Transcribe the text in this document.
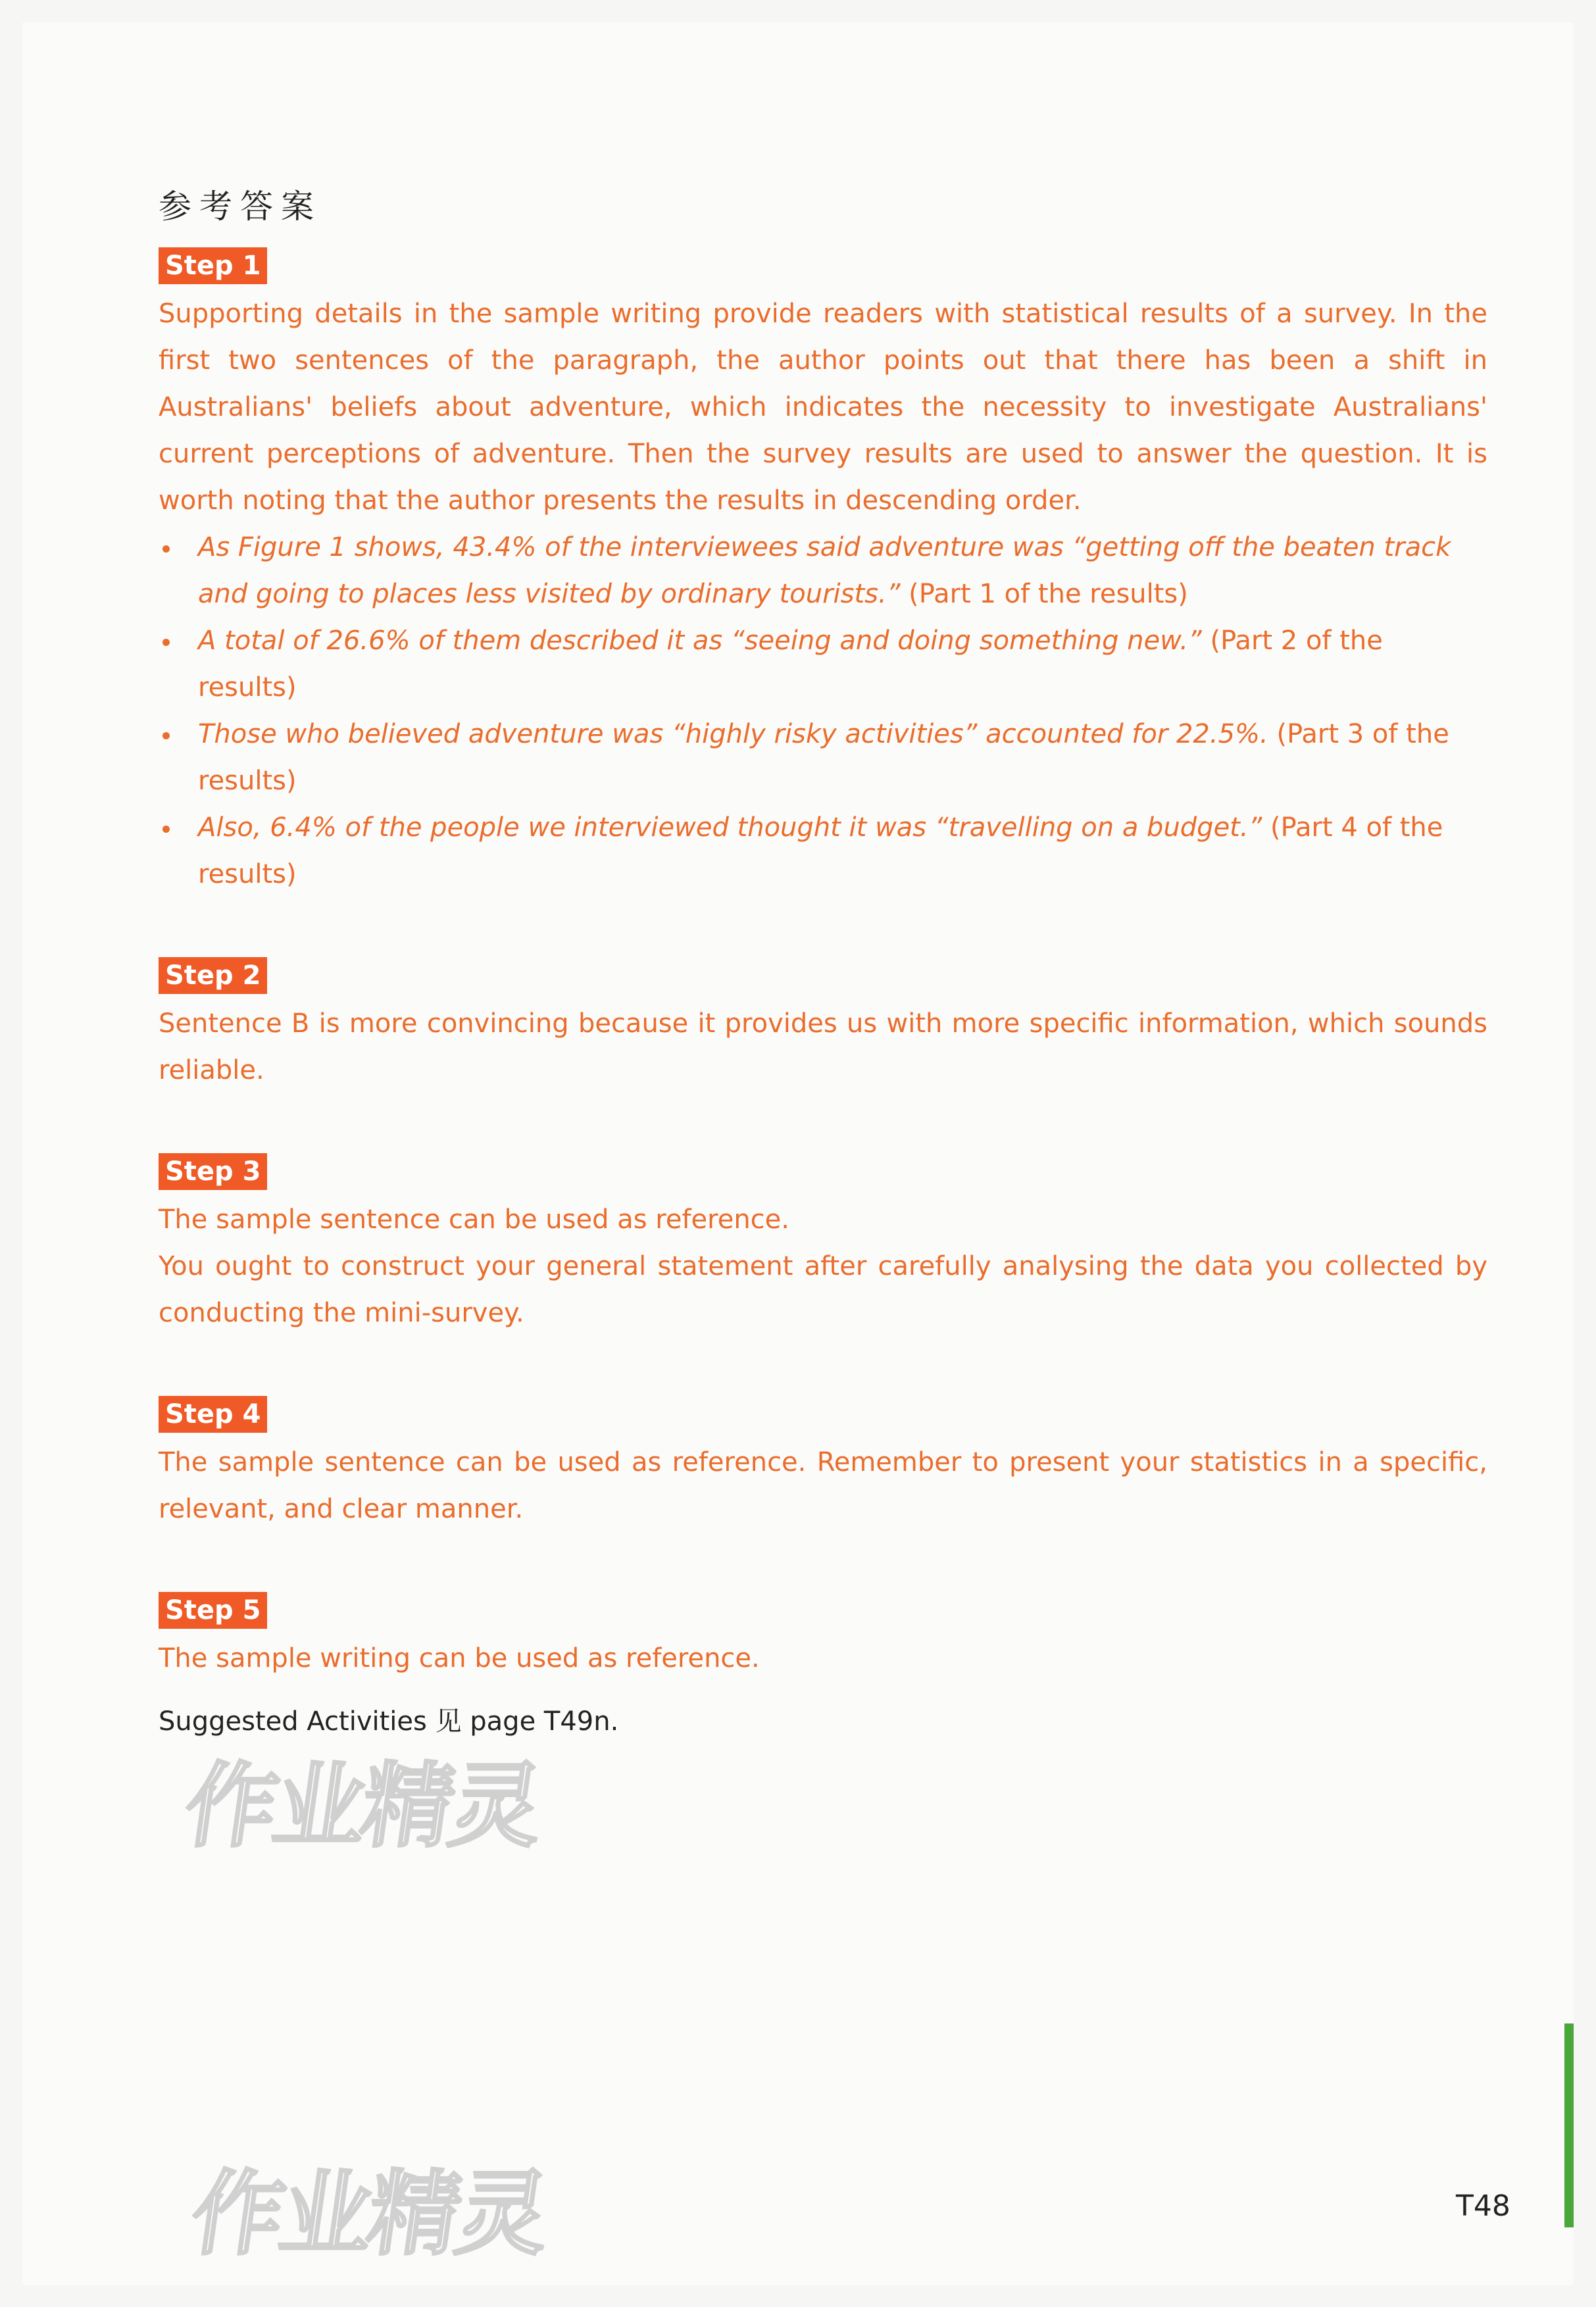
参考答案
Step 1

Supporting details in the sample writing provide readers with statistical results of a survey. In the first two sentences of the paragraph, the author points out that there has been a shift in Australians' beliefs about adventure, which indicates the necessity to investigate Australians' current perceptions of adventure. Then the survey results are used to answer the question. It is worth noting that the author presents the results in descending order.

As Figure 1 shows, 43.4% of the interviewees said adventure was “getting off the beaten track and going to places less visited by ordinary tourists.” (Part 1 of the results)
A total of 26.6% of them described it as “seeing and doing something new.” (Part 2 of the results)
Those who believed adventure was “highly risky activities” accounted for 22.5%. (Part 3 of the results)
Also, 6.4% of the people we interviewed thought it was “travelling on a budget.” (Part 4 of the results)
Step 2

Sentence B is more convincing because it provides us with more specific information, which sounds reliable.

Step 3

The sample sentence can be used as reference.

You ought to construct your general statement after carefully analysing the data you collected by conducting the mini-survey.

Step 4

The sample sentence can be used as reference. Remember to present your statistics in a specific, relevant, and clear manner.

Step 5

The sample writing can be used as reference.

Suggested Activities 见 page T49n.
作业精灵
作业精灵	T48
